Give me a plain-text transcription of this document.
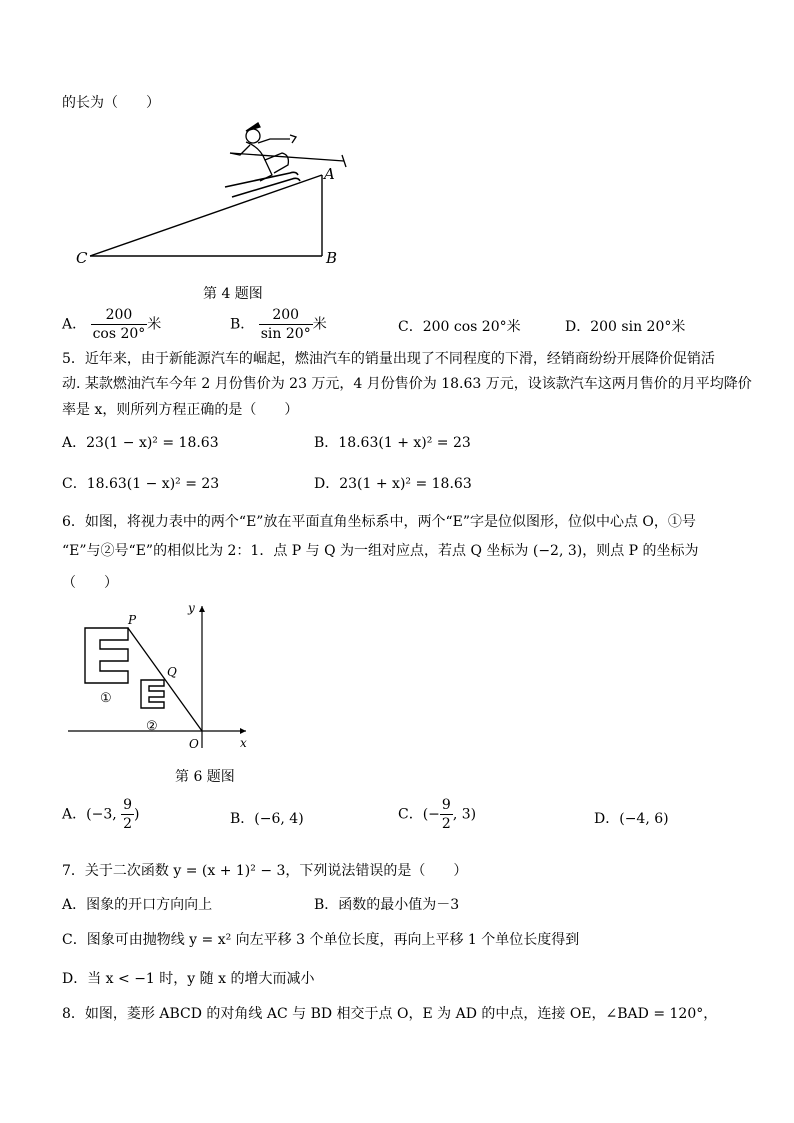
的长为（　　）
A
B
C
第 4 题图
A． $\frac{200}{\cos 20^\circ}$ 米	B． $\frac{200}{\sin 20^\circ}$ 米	C．200 cos 20°米	D．200 sin 20°米
5．近年来，由于新能源汽车的崛起，燃油汽车的销量出现了不同程度的下滑，经销商纷纷开展降价促销活
动. 某款燃油汽车今年 2 月份售价为 23 万元，4 月份售价为 18.63 万元，设该款汽车这两月售价的月平均降价
率是 x，则所列方程正确的是（　　）
A．23(1 − x)² = 18.63	B．18.63(1 + x)² = 23
C．18.63(1 − x)² = 23	D．23(1 + x)² = 18.63
6．如图，将视力表中的两个“E”放在平面直角坐标系中，两个“E”字是位似图形，位似中心点 O，①号
“E”与②号“E”的相似比为 2：1．点 P 与 Q 为一组对应点，若点 Q 坐标为 (−2, 3)，则点 P 的坐标为
（　　）
P
Q
O	x
y
①
②
第 6 题图
A．(−3, $\frac{9}{2}$ )	B．(−6, 4)	C．(− $\frac{9}{2}$ , 3)	D．(−4, 6)
7．关于二次函数 y = (x + 1)² − 3，下列说法错误的是（　　）
A．图象的开口方向向上	B．函数的最小值为－3
C．图象可由抛物线 y = x² 向左平移 3 个单位长度，再向上平移 1 个单位长度得到
D．当 x < −1 时，y 随 x 的增大而减小
8．如图，菱形 ABCD 的对角线 AC 与 BD 相交于点 O，E 为 AD 的中点，连接 OE，∠BAD = 120°，
